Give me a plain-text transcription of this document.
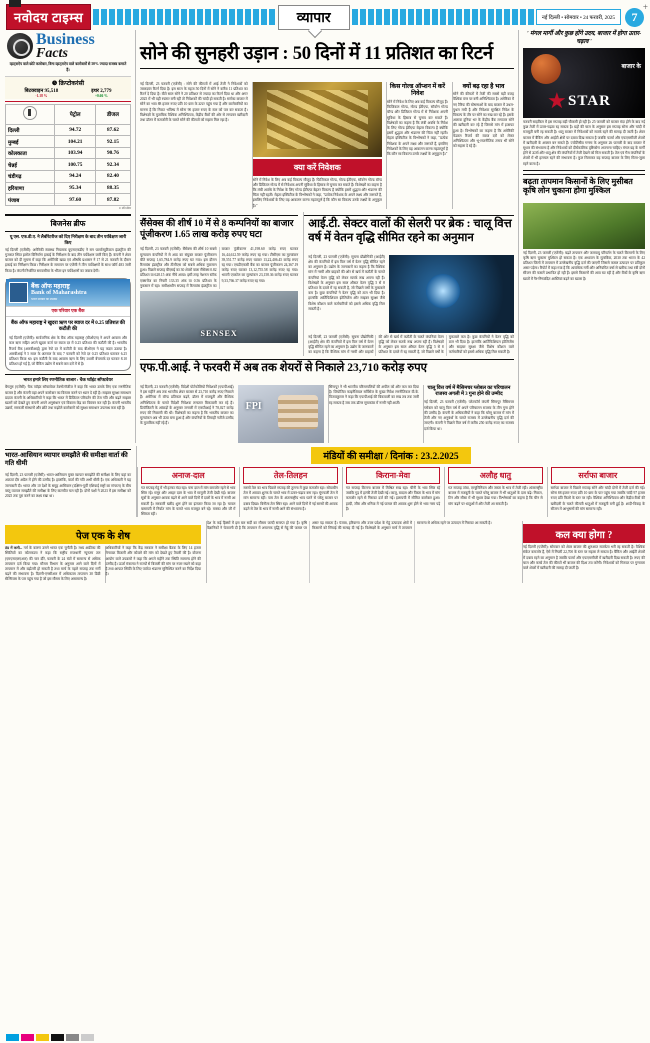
नवोदय टाइम्स	व्यापार	नई दिल्ली • सोमवार • 24 फरवरी, 2025	7
+
Business
Facts
व्हाट्सऐप वाले छोटे कारोबार, बिना व्हाट्सऐप वाले कारोबारों से 50% ज्यादा राजस्व कमाते हैं।
❺ क्रिप्टोकरंसी
बिटक्वाइन 95,518
-1.18 %
इथर 2,779
+0.66 %
	पेट्रोल	डीजल
दिल्ली	94.72	87.62
मुम्बई	104.21	92.15
कोलकाता	103.94	90.76
चेन्नई	100.75	92.34
चंडीगढ़	94.24	82.40
हरियाणा	95.34	88.35
पंजाब	97.60	87.82
रु. प्रति लीटर
बिजनेस ब्रीफ
यू एस. एफ.डी.ए. ने लैबोरेटरीज को दिए निरीक्षण के बाद तीन पर्यवेक्षण जारी किए
नई दिल्ली (एजेंसी): अमेरिकी स्वास्थ्य नियामक यूएसएफडीए ने सन फार्मास्युटिकल इंडस्ट्रीज की गुजरात स्थित हलोल विनिर्माण इकाई के निरीक्षण के बाद तीन पर्यवेक्षण जारी किए हैं। कंपनी ने शेयर बाजार को दी सूचना में कहा कि अमेरिकी खाद्य एवं औषधि प्रशासन ने 17 से 21 फरवरी के दौरान इकाई का निरीक्षण किया। निरीक्षण के समापन पर एजेंसी ने तीन पर्यवेक्षणों के साथ फॉर्म 483 जारी किया है। कंपनी निर्धारित समयसीमा के भीतर इन पर्यवेक्षणों का जवाब देगी।
बैंक ऑफ महाराष्ट्र
Bank of Maharashtra
भारत सरकार का उपक्रम
एक परिवार एक बैंक
बैंक ऑफ महाराष्ट्र ने खुदरा ऋण पर ब्याज दर में 0.25 प्रतिशत की कटौती की
नई दिल्ली (एजेंसी): सार्वजनिक क्षेत्र के बैंक ऑफ महाराष्ट्र (बीओएम) ने अपने आवास और कार ऋण सहित अपने खुदरा कर्ज पर ब्याज दर में 0.25 प्रतिशत की कटौती की है। भारतीय रिजर्व बैंक (आरबीआई) द्वारा रेपो दर में कटौती के बाद बीओएम ने यह कदम उठाया है। आरबीआई ने 5 साल के अंतराल के बाद 7 फरवरी को रेपो दर 0.25 प्रतिशत घटाकर 6.25 प्रतिशत किया था। इस कटौती के बाद आवास ऋण के लिए उधारी बेंचमार्क दर घटकर 8.10 प्रतिशत हो गई है, जो बैंकिंग उद्योग में सबसे कम दरों में से है।
भारत हमारे लिए रणनीतिक बाजार : चैक प्वॉइंट सॉफ्टवेयर
बेंगलुरु (एजेंसी): चैक प्वॉइंट सॉफ्टवेयर टेक्नोलॉजीज ने कहा कि भारत उसके लिए एक रणनीतिक बाजार है और कंपनी यहां अपने कारोबार का विस्तार करने पर ध्यान दे रही है। साइबर सुरक्षा समाधान प्रदाता कंपनी के अधिकारियों ने कहा कि भारत में डिजिटल परिवर्तन की तेज गति और बढ़ते साइबर खतरों को देखते हुए कंपनी अपने अनुसंधान एवं विकास केंद्र का विस्तार कर रही है। कंपनी भारतीय उद्यमों, सरकारी संस्थानों और छोटे तथा मझोले कारोबारों को सुरक्षा समाधान उपलब्ध करा रही है।
सोने की सुनहरी उड़ान : 50 दिनों में 11 प्रतिशत का रिटर्न
नई दिल्ली, 23 फरवरी (एजेंसी) : सोने की कीमतों में आई तेजी ने निवेशकों को जबरदस्त रिटर्न दिया है। इस साल के महज 50 दिनों में सोने ने करीब 11 प्रतिशत का रिटर्न दे दिया है। बीते साल सोने ने 20 प्रतिशत से ज्यादा का रिटर्न दिया था और अगर 2025 में भी यही रफ्तार बनी रही तो निवेशकों की चांदी हो सकती है। सर्राफा बाजार में सोने का भाव 88 हजार रुपए प्रति 10 ग्राम के ऊपर पहुंच गया है और कारोबारियों का मानना है कि निकट भविष्य में सोना 90 हजार रुपए के स्तर को पार कर सकता है। विशेषज्ञों के मुताबिक वैश्विक अनिश्चितता, केंद्रीय बैंकों की ओर से लगातार खरीदारी तथा डॉलर में कमजोरी के चलते सोने की कीमतों को सहारा मिल रहा है।
क्या करें निवेशक
सोने में निवेश के लिए अब कई विकल्प मौजूद हैं। फिजिकल गोल्ड, गोल्ड ईटीएफ, सॉवरेन गोल्ड बॉन्ड और डिजिटल गोल्ड में से निवेशक अपनी सुविधा के हिसाब से चुनाव कर सकते हैं। विशेषज्ञों का कहना है कि लंबी अवधि के निवेश के लिए गोल्ड ईटीएफ बेहतर विकल्प है क्योंकि इसमें शुद्धता और भंडारण की चिंता नहीं रहती। मेहता इक्विटीज के विश्लेषकों ने कहा, "प्रत्येक निवेशक के अपने लक्ष्य और जरूरतें हैं, इसलिए निवेशकों के लिए यह आकलन करना महत्वपूर्ण है कि कौन सा विकल्प उनके लक्ष्यों के अनुकूल है।"
किस गोल्ड ऑप्शन में करें निवेश
सोने में निवेश के लिए अब कई विकल्प मौजूद हैं। फिजिकल गोल्ड, गोल्ड ईटीएफ, सॉवरेन गोल्ड बॉन्ड और डिजिटल गोल्ड में से निवेशक अपनी सुविधा के हिसाब से चुनाव कर सकते हैं। विशेषज्ञों का कहना है कि लंबी अवधि के निवेश के लिए गोल्ड ईटीएफ बेहतर विकल्प है क्योंकि इसमें शुद्धता और भंडारण की चिंता नहीं रहती। मेहता इक्विटीज के विश्लेषकों ने कहा, "प्रत्येक निवेशक के अपने लक्ष्य और जरूरतें हैं, इसलिए निवेशकों के लिए यह आकलन करना महत्वपूर्ण है कि कौन सा विकल्प उनके लक्ष्यों के अनुकूल है।"
क्यों बढ़ रहा है भाव
सोने की कीमतों में तेजी की सबसे बड़ी वजह वैश्विक स्तर पर बनी अनिश्चितता है। अमेरिका में नए टैरिफ की घोषणाओं के बाद बाजार में उथल-पुथल मची है और निवेशक सुरक्षित निवेश के विकल्प के तौर पर सोने का रुख कर रहे हैं। इसके अलावा दुनिया भर के केंद्रीय बैंक लगातार सोने की खरीदारी कर रहे हैं जिससे मांग में इजाफा हुआ है। विश्लेषकों का कहना है कि अमेरिकी फेडरल रिजर्व की ब्याज दरों को लेकर अनिश्चितता और भू-राजनीतिक तनाव भी सोने को सहारा दे रहे हैं।
सैंसेक्स की शीर्ष 10 में से 8 कम्पनियों का बाजार पूंजीकरण 1.65 लाख करोड़ रुपए घटा
नई दिल्ली, 23 फरवरी (एजेंसी): सैंसेक्स की शीर्ष 10 सबसे मूल्यवान कंपनियों में से आठ का संयुक्त बाजार पूंजीकरण बीते सप्ताह 1,65,784.9 करोड़ रुपए घट गया। इस दौरान रिलायंस इंडस्ट्रीज और टीसीएस को सबसे अधिक नुकसान हुआ। पिछले सप्ताह बीएसई का 30 शेयरों वाला सैंसेक्स 0.82 प्रतिशत या 628.15 अंक नीचे आया। इसी तरह नेशनल स्टॉक एक्सचेंज का निफ्टी 133.35 अंक या 0.56 प्रतिशत के नुकसान में रहा। समीक्षाधीन सप्ताह में रिलायंस इंडस्ट्रीज का बाजार पूंजीकरण 41,198.60 करोड़ रुपए घटकर 16,44,612.59 करोड़ रुपए रह गया। टीसीएस का मूल्यांकन 39,551.77 करोड़ रुपए घटकर 13,22,406.45 करोड़ रुपए रह गया। एचडीएफसी बैंक का बाजार पूंजीकरण 24,367.19 करोड़ रुपए घटकर 13,12,755.58 करोड़ रुपए रह गया। भारती एयरटेल का मूल्यांकन 23,158.36 करोड़ रुपए घटकर 9,33,766.37 करोड़ रुपए रह गया।
SENSEX
आई.टी. सेक्टर वालों की सेलरी पर ब्रेक : चालू वित्त वर्ष में वेतन वृद्धि सीमित रहने का अनुमान
नई दिल्ली, 23 फरवरी (एजेंसी): सूचना प्रौद्योगिकी (आईटी) क्षेत्र की कंपनियों में इस वित्त वर्ष में वेतन वृद्धि सीमित रहने का अनुमान है। उद्योग के जानकारों का कहना है कि वैश्विक मांग में नरमी और ग्राहकों की ओर से खर्च में कटौती के चलते कंपनियां वेतन वृद्धि को लेकर सतर्क रुख अपना रही हैं। विशेषज्ञों के अनुसार इस साल औसत वेतन वृद्धि 5 से 8 प्रतिशत के दायरे में रह सकती है, जो पिछले वर्षों के मुकाबले कम है। कुछ कंपनियों ने वेतन वृद्धि को टाल भी दिया है। हालांकि आर्टिफिशियल इंटेलिजेंस और साइबर सुरक्षा जैसे विशेष कौशल वाले कर्मचारियों को इससे अधिक वृद्धि मिल सकती है।
नई दिल्ली, 23 फरवरी (एजेंसी): सूचना प्रौद्योगिकी (आईटी) क्षेत्र की कंपनियों में इस वित्त वर्ष में वेतन वृद्धि सीमित रहने का अनुमान है। उद्योग के जानकारों का कहना है कि वैश्विक मांग में नरमी और ग्राहकों की ओर से खर्च में कटौती के चलते कंपनियां वेतन वृद्धि को लेकर सतर्क रुख अपना रही हैं। विशेषज्ञों के अनुसार इस साल औसत वेतन वृद्धि 5 से 8 प्रतिशत के दायरे में रह सकती है, जो पिछले वर्षों के मुकाबले कम है। कुछ कंपनियों ने वेतन वृद्धि को टाल भी दिया है। हालांकि आर्टिफिशियल इंटेलिजेंस और साइबर सुरक्षा जैसे विशेष कौशल वाले कर्मचारियों को इससे अधिक वृद्धि मिल सकती है।
एफ.पी.आई. ने फरवरी में अब तक शेयरों से निकाले 23,710 करोड़ रुपए
नई दिल्ली, 23 फरवरी (एजेंसी): विदेशी पोर्टफोलियो निवेशकों (एफपीआई) ने इस महीने अब तक भारतीय शेयर बाजार से 23,710 करोड़ रुपए निकाले हैं। अमेरिका में बॉन्ड प्रतिफल बढ़ने, डॉलर में मजबूती और वैश्विक अनिश्चितता के चलते विदेशी निवेशक लगातार बिकवाली कर रहे हैं। डिपॉजिटरी के आंकड़ों के अनुसार जनवरी में एफपीआई ने 78,027 करोड़ रुपए की निकासी की थी। विशेषज्ञों का कहना है कि भारतीय बाजार का मूल्यांकन अब भी ऊंचा बना हुआ है और कंपनियों के तिमाही नतीजे उम्मीद के मुताबिक नहीं रहे हैं।
FPI
सिंगापुर ने भी भारतीय परिसम्पत्तियों की अपील को और कम कर दिया है। जियोजित फाइनेंशियल सर्विसेज के मुख्य निवेश रणनीतिकार वी.के. विजयकुमार ने कहा कि एफपीआई की बिकवाली का रुख तब तक जारी रह सकता है जब तक डॉलर सूचकांक में नरमी नहीं आती।
चालू वित्त वर्ष में मैसिमचर ग्लोबल का परिचालन राजस्व अगली में 3 गुना होने की उम्मीद
नई दिल्ली, 23 फरवरी (एजेंसी): प्लेटफॉर्म कंपनी सिंगापुर मैसिमचर ग्लोबल को चालू वित्त वर्ष में अपने परिचालन राजस्व के तीन गुना होने की उम्मीद है। कंपनी के अधिकारियों ने कहा कि घरेलू बाजार में मांग में तेजी और नए अनुबंधों के चलते राजस्व में उल्लेखनीय वृद्धि दर्ज की जाएगी। कंपनी ने पिछले वित्त वर्ष में करीब 250 करोड़ रुपए का राजस्व दर्ज किया था।
' मंगल मार्गी और कुछ होंगे उदय, बाजार में होगा उतार-चढ़ाव '
बाजार के
★ STAR
फरवरी साइकिल में इस सप्ताह बड़ी चौकसी हो रही है। 25 फरवरी को बाजार मंदा होने के बाद नई कुछ तेजी में उतार-चढ़ाव रह सकता है। ग्रहों की चाल के अनुसार इस सप्ताह सोना और चांदी में मजबूती बनी रह सकती है। धातु बाजार में निवेशकों को सतर्क रहने की सलाह दी जाती है। शेयर बाजार में बैंकिंग और आईटी क्षेत्रों पर दबाव दिख सकता है जबकि फार्मा और एफएमसीजी शेयरों में खरीदारी के अवसर बन सकते हैं। ज्योतिषीय गणना के अनुसार 26 फरवरी के बाद बाजार में सुधार की संभावना है और निवेशकों को दीर्घकालिक दृष्टिकोण अपनाना चाहिए। मंगल ग्रह के मार्गी होने से ऊर्जा और धातु क्षेत्र की कंपनियों में तेजी देखने को मिल सकती है। तेल एवं गैस कंपनियों के शेयरों में भी हलचल रहने की संभावना है। कुल मिलाकर यह सप्ताह बाजार के लिए मिला-जुला रहने वाला है।
बढ़ता तापमान किसानों के लिए मुसीबत कृषि लोन चुकाना होगा मुश्किल
नई दिल्ली, 23 फरवरी (एजेंसी): बढ़ते तापमान और जलवायु परिवर्तन के चलते किसानों के लिए कृषि ऋण चुकाना मुश्किल हो सकता है। एक अध्ययन के मुताबिक, 2030 तक भारत के 42 प्रतिशत जिलों में तापमान में उल्लेखनीय वृद्धि दर्ज की जाएगी जिससे फसल उत्पादन पर प्रतिकूल असर पड़ेगा। रिपोर्ट में कहा गया है कि अत्यधिक गर्मी और अनियमित वर्षा से खरीफ तथा रबी दोनों सीजन की फसलें प्रभावित हो रही हैं। इससे किसानों की आय घट रही है और बैंकों के कृषि ऋण खातों में गैर-निष्पादित आस्तियां बढ़ने का खतरा है।
भारत-आसियान व्यापार समझौते की समीक्षा वार्ता की गति धीमी
नई दिल्ली, 23 फरवरी (एजेंसी): भारत-आसियान मुक्त व्यापार समझौते की समीक्षा के लिए यहां का आठवां दौर अप्रैल में होने की उम्मीद है। हालांकि, वार्ता की गति अभी धीमी है। एक अधिकारी ने यह जानकारी दी। भारत और 10 देशों के समूह आसियान (दक्षिण-पूर्वी एशियाई राष्ट्रों का संगठन) के बीच वस्तु व्यापार समझौते की समीक्षा के लिए बातचीत चल रही है। दोनों पक्षों ने 2023 में इस समीक्षा को 2025 तक पूरा करने का लक्ष्य रखा था।
मंडियों की समीक्षा / दिनांक : 23.2.2025
अनाज-दाल
गत सप्ताह गेहूं में भी हल्का मंदा रहा। चना दाल में मांग कमजोर रहने से भाव स्थिर रहे। मसूर और अरहर दाल के भाव में मामूली तेजी देखी गई। बाजार सूत्रों के अनुसार आवक बढ़ने से आने वाले दिनों में दालों के भाव में नरमी आ सकती है। सरकारी खरीद शुरू होने का इंतजार किया जा रहा है। चावल बासमती में निर्यात मांग के चलते भाव मजबूत बने रहे। मक्का और जौ में स्थिरता रही।
तेल-तिलहन
सरसों तेल का भाव पिछले सप्ताह की तुलना में कुछ कमजोर रहा। सोयाबीन तेल में आयात शुल्क के चलते भाव में उतार-चढ़ाव बना रहा। मूंगफली तेल में मांग सामान्य रही। पाम तेल के अंतरराष्ट्रीय भाव घटने से घरेलू बाजार पर दबाव दिखा। बिनौला तेल स्थिर रहा। आने वाले दिनों में नई सरसों की आवक बढ़ने से तेल के भाव में नरमी आने की संभावना है।
किराना-मेवा
गत सप्ताह किराना बाजार में मिश्रित रुख रहा। चीनी के भाव स्थिर रहे जबकि गुड़ में हल्की तेजी देखी गई। काजू, बादाम और पिस्ता के भाव में मांग कमजोर रहने से गिरावट दर्ज की गई। इलायची में सीमित कारोबार हुआ। हल्दी, जीरा और धनिया में नई फसल की आवक शुरू होने से भाव नरम पड़े हैं।
अलौह धातु
गत सप्ताह तांबा, एल्युमिनियम और जस्ता के भाव में तेजी रही। अंतरराष्ट्रीय बाजार में मजबूती के चलते घरेलू बाजार में भी धातुओं के दाम बढ़े। निकल, टिन और सीसा में भी सुधार देखा गया। विश्लेषकों का कहना है कि चीन से मांग बढ़ने पर धातुओं में और तेजी आ सकती है।
सर्राफा बाजार
सर्राफा बाजार में पिछले सप्ताह सोने और चांदी दोनों में तेजी दर्ज की गई। सोना 88 हजार रुपए प्रति 10 ग्राम के पार पहुंच गया जबकि चांदी 97 हजार रुपए प्रति किलो के स्तर पर रही। वैश्विक अनिश्चितता और केंद्रीय बैंकों की खरीदारी के चलते कीमती धातुओं में मजबूती बनी हुई है। शादी-विवाह के सीजन में आभूषणों की मांग सामान्य रही।
पेज एक के शेष
ठंड में कमी... गर्म के कारण उसने भारत एक चुनौती है। मध्य अफ्रीका की स्थितियों का कोलकाता ने कहा कि राष्ट्रीय राजधानी न्यूनतम तल (एमएसएलएआर) की चार दौरे, फरवरी के 24 घंटों में सामान्य से अधिक तापमान दर्ज किया गया। मौसम विभाग के अनुसार आने वाले दिनों में तापमान में और बढ़ोतरी हो सकती है तथा मार्च के पहले सप्ताह तक गर्मी बढ़ने की संभावना है। दिल्ली-एनसीआर में अधिकतम तापमान 30 डिग्री सेल्सियस के पार पहुंच गया है जो इस मौसम के लिए असामान्य है।
अधिकारियों ने कहा कि केंद्र सरकार ने समीक्षा बैठक के लिए 14 हजार मेगावाट बिजली और कोयले की मांग को देखते हुए तैयारी की है। योजना आयोग वाले उपक्रमों ने कहा कि अगले महीने तक स्थिति सामान्य होने की उम्मीद है। ऊर्जा मंत्रालय ने राज्यों से बिजली की मांग पर नजर रखने को कहा है तथा आपात स्थिति के लिए पर्याप्त भंडारण सुनिश्चित करने का निर्देश दिया है।
देश के कई हिस्सों में इस बार सर्दी का मौसम जल्दी समाप्त हो गया है। कृषि वैज्ञानिकों ने चेतावनी दी है कि तापमान में अचानक वृद्धि से गेहूं की फसल पर असर पड़ सकता है। पंजाब, हरियाणा और उत्तर प्रदेश के गेहूं उत्पादक क्षेत्रों में किसानों को सिंचाई की सलाह दी गई है। विशेषज्ञों के अनुसार मार्च में तापमान सामान्य से अधिक रहने पर उत्पादन में गिरावट आ सकती है।
कल क्या होगा ?
नई दिल्ली (एजेंसी): सोमवार को शेयर बाजार की शुरुआत सतर्कता भरी रह सकती है। वैश्विक संकेत कमजोर हैं, ऐसे में निफ्टी 22,700 के स्तर पर सहारा ले सकता है। बैंकिंग और आईटी शेयरों में दबाव रहने का अनुमान है जबकि फार्मा और एफएमसीजी में खरीदारी दिख सकती है। रुपए की चाल और कच्चे तेल की कीमतें भी बाजार की दिशा तय करेंगी। निवेशकों को गिरावट पर गुणवत्ता वाले शेयरों में खरीदारी की सलाह दी जाती है।
